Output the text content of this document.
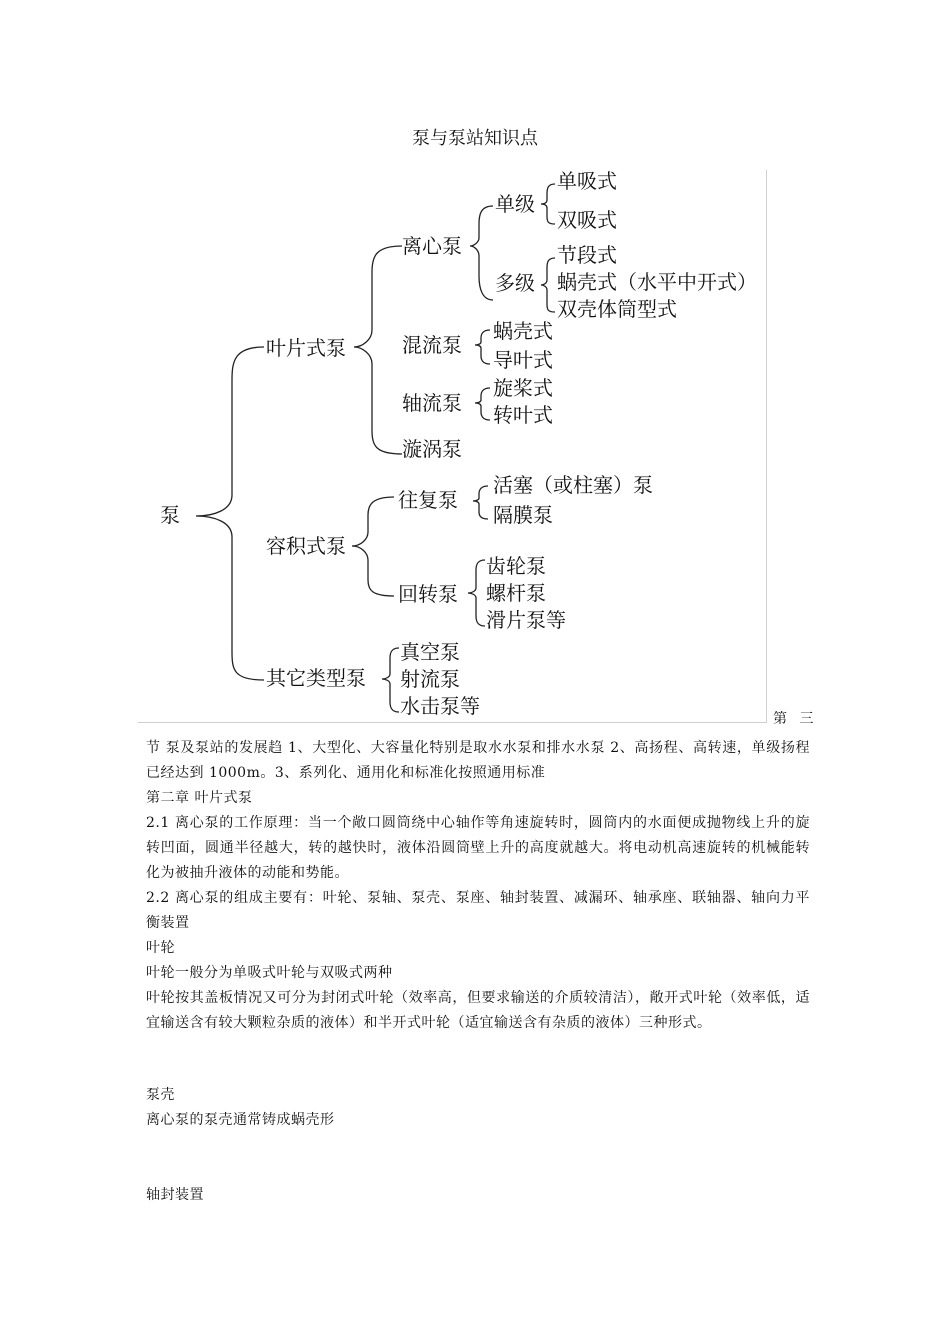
泵与泵站知识点
泵
叶片式泵
离心泵
单级
单吸式
双吸式
多级
节段式
蜗壳式（水平中开式）
双壳体筒型式
混流泵
蜗壳式
导叶式
轴流泵
旋桨式
转叶式
漩涡泵
容积式泵
往复泵
活塞（或柱塞）泵
隔膜泵
回转泵
齿轮泵
螺杆泵
滑片泵等
其它类型泵
真空泵
射流泵
水击泵等
第 三

节 泵及泵站的发展趋 1、大型化、大容量化特别是取水水泵和排水水泵 2、高扬程、高转速，单级扬程已经达到 1000m。3、系列化、通用化和标准化按照通用标准

第二章 叶片式泵

2.1 离心泵的工作原理：当一个敞口圆筒绕中心轴作等角速旋转时，圆筒内的水面便成抛物线上升的旋转凹面，圆通半径越大，转的越快时，液体沿圆筒壁上升的高度就越大。将电动机高速旋转的机械能转化为被抽升液体的动能和势能。

2.2 离心泵的组成主要有：叶轮、泵轴、泵壳、泵座、轴封装置、减漏环、轴承座、联轴器、轴向力平衡装置

叶轮

叶轮一般分为单吸式叶轮与双吸式两种

叶轮按其盖板情况又可分为封闭式叶轮（效率高，但要求输送的介质较清洁），敞开式叶轮（效率低，适宜输送含有较大颗粒杂质的液体）和半开式叶轮（适宜输送含有杂质的液体）三种形式。

泵壳

离心泵的泵壳通常铸成蜗壳形

轴封装置
